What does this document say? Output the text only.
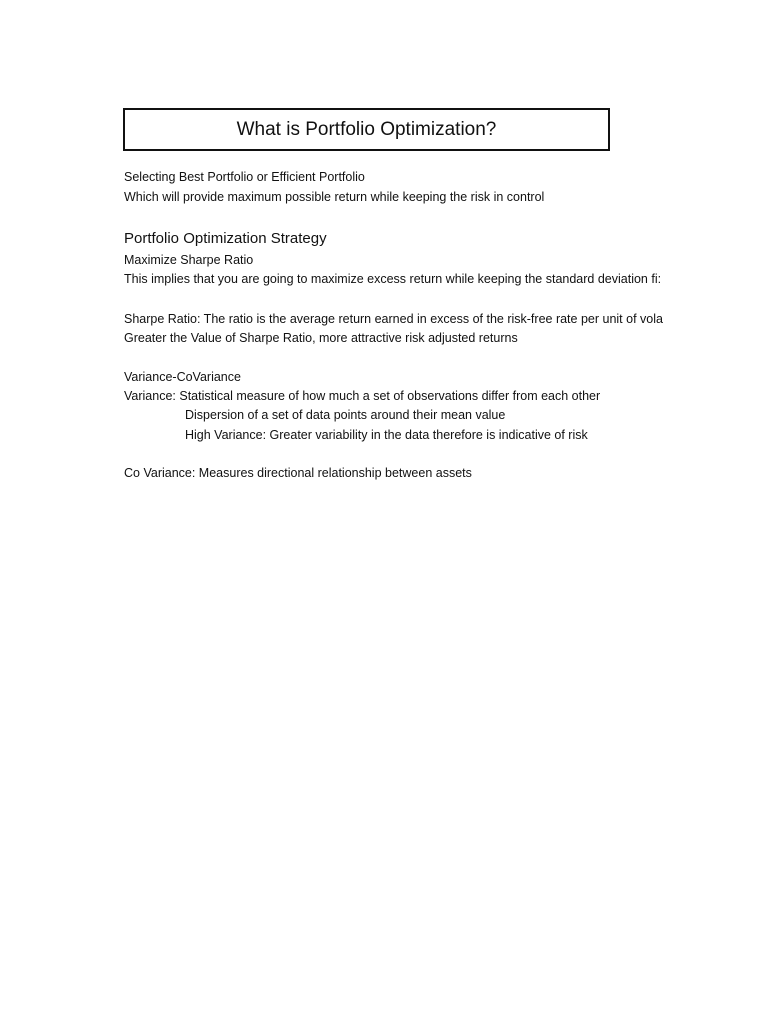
What is Portfolio Optimization?
Selecting Best Portfolio or Efficient Portfolio
Which will provide maximum possible return while keeping the risk in control
Portfolio Optimization Strategy
Maximize Sharpe Ratio
This implies that you are going to maximize excess return while keeping the standard deviation fi:
Sharpe Ratio: The ratio is the average return earned in excess of the risk-free rate per unit of vola
Greater the Value of Sharpe Ratio, more attractive risk adjusted returns
Variance-CoVariance
Variance: Statistical measure of how much a set of observations differ from each other
Dispersion of a set of data points around their mean value
High Variance: Greater variability in the data therefore is indicative of risk
Co Variance: Measures directional relationship between assets
